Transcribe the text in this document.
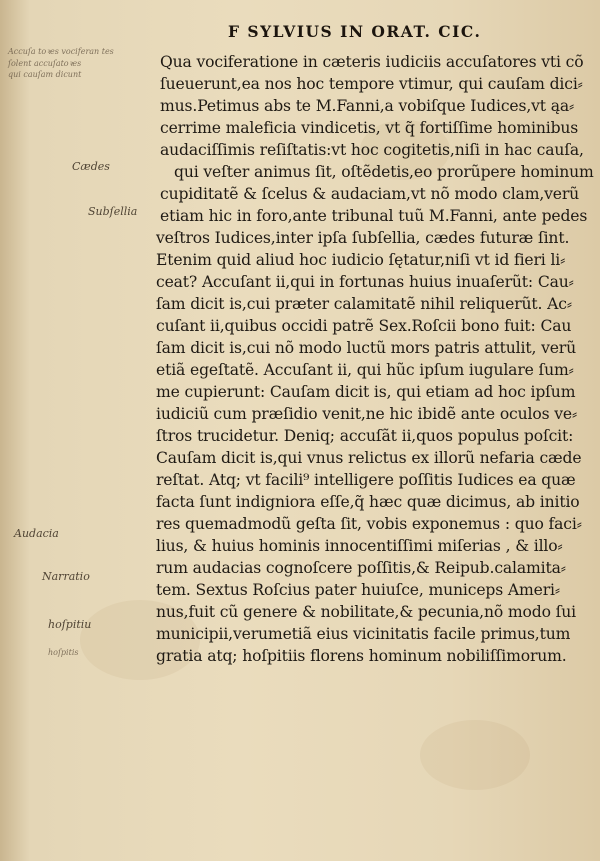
F SYLVIUS IN ORAT. CIC.
Qua vociferatione in cæteris iudiciis accuſatores vti cõ
ſueuerunt,ea nos hoc tempore vtimur, qui cauſam dici⸗
mus.Petimus abs te M.Fanni,a vobiſque Iudices,vt ąa⸗
cerrime maleficia vindicetis, vt q̃ fortiſſime hominibus
audaciſſimis reſiſtatis:vt hoc cogitetis,niſi in hac cauſa,
qui veſter animus ſit, oſtẽdetis,eo prorũpere hominum
cupiditatẽ & ſcelus & audaciam,vt nõ modo clam,verũ
etiam hic in foro,ante tribunal tuũ M.Fanni, ante pedes
veſtros Iudices,inter ipſa ſubſellia, cædes futuræ ſint.
Etenim quid aliud hoc iudicio ſętatur,niſi vt id fieri li⸗
ceat? Accuſant ii,qui in fortunas huius inuaſerũt: Cau⸗
ſam dicit is,cui præter calamitatẽ nihil reliquerũt. Ac⸗
cuſant ii,quibus occidi patrẽ Sex.Roſcii bono fuit: Cau
ſam dicit is,cui nõ modo luctũ mors patris attulit, verũ
etiã egeſtatẽ. Accuſant ii, qui hũc ipſum iugulare ſum⸗
me cupierunt: Cauſam dicit is, qui etiam ad hoc ipſum
iudiciũ cum præſidio venit,ne hic ibidẽ ante oculos ve⸗
ſtros trucidetur. Deniq; accuſãt ii,quos populus poſcit:
Cauſam dicit is,qui vnus relictus ex illorũ nefaria cæde
reſtat. Atq; vt facili⁹ intelligere poſſitis Iudices ea quæ
facta ſunt indigniora eſſe,q̃ hæc quæ dicimus, ab initio
res quemadmodũ geſta ſit, vobis exponemus : quo faci⸗
lius, & huius hominis innocentiſſimi miſerias , & illo⸗
rum audacias cognoſcere poſſitis,& Reipub.calamita⸗
tem. Sextus Roſcius pater huiuſce, municeps Ameri⸗
nus,fuit cũ genere & nobilitate,& pecunia,nõ modo ſui
municipii,verumetiã eius vicinitatis facile primus,tum
gratia atq; hoſpitiis florens hominum nobiliſſimorum.
Accuſa toꝛes vociferan tes
ſolent accuſatoꝛes
qui cauſam dicunt
Cædes
Subſellia
Audacia
Narratio
hoſpitiu
hoſpitis
